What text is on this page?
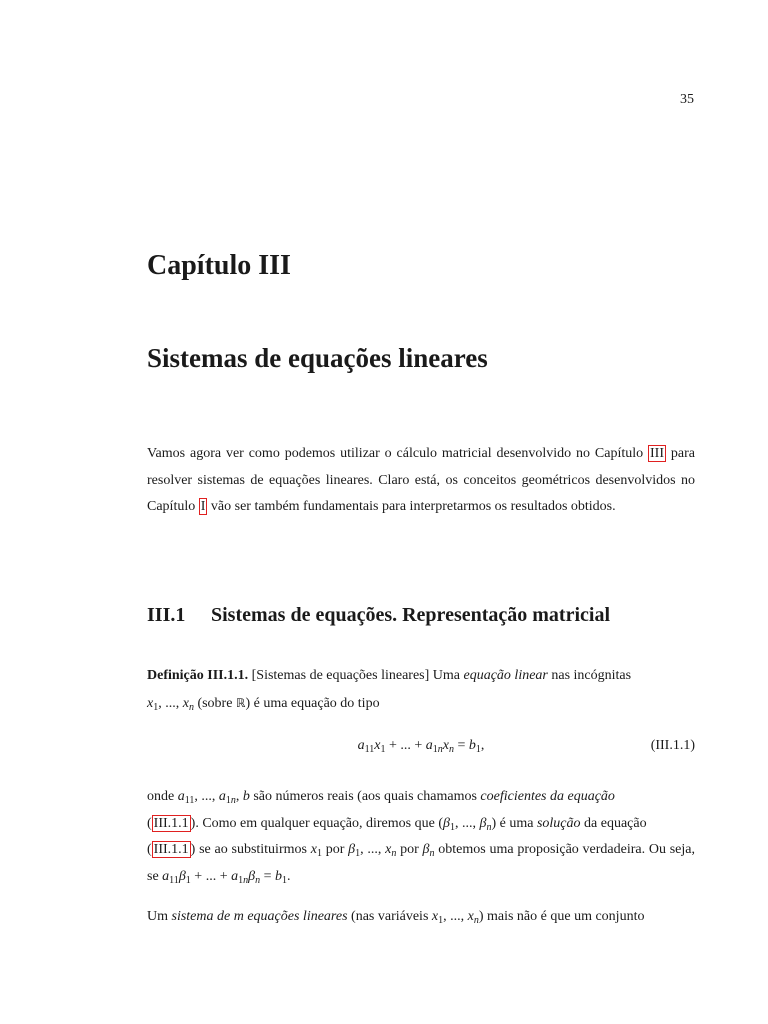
35
Capítulo III
Sistemas de equações lineares
Vamos agora ver como podemos utilizar o cálculo matricial desenvolvido no Capítulo III para resolver sistemas de equações lineares. Claro está, os conceitos geométricos desenvolvidos no Capítulo I vão ser também fundamentais para interpretarmos os resultados obtidos.
III.1 Sistemas de equações. Representação matricial
Definição III.1.1. [Sistemas de equações lineares] Uma equação linear nas incógnitas
$x_1$, ..., $x_n$ (sobre ℝ) é uma equação do tipo
$a_{11}x_1$ + ... + $a_{1n}x_n = b_1$,	(III.1.1)
onde $a_{11}$, ..., $a_{1n}$, b são números reais (aos quais chamamos coeficientes da equação
( III.1.1 ). Como em qualquer equação, diremos que ($\beta_1$, ..., $\beta_n$) é uma solução da equação
( III.1.1 ) se ao substituirmos $x_1$ por $\beta_1$, ..., $x_n$ por $\beta_n$ obtemos uma proposição verdadeira. Ou seja, se $a_{11}\beta_1$ + ... + $a_{1n}\beta_n = b_1$.
Um sistema de m equações lineares (nas variáveis $x_1$, ..., $x_n$) mais não é que um conjunto
